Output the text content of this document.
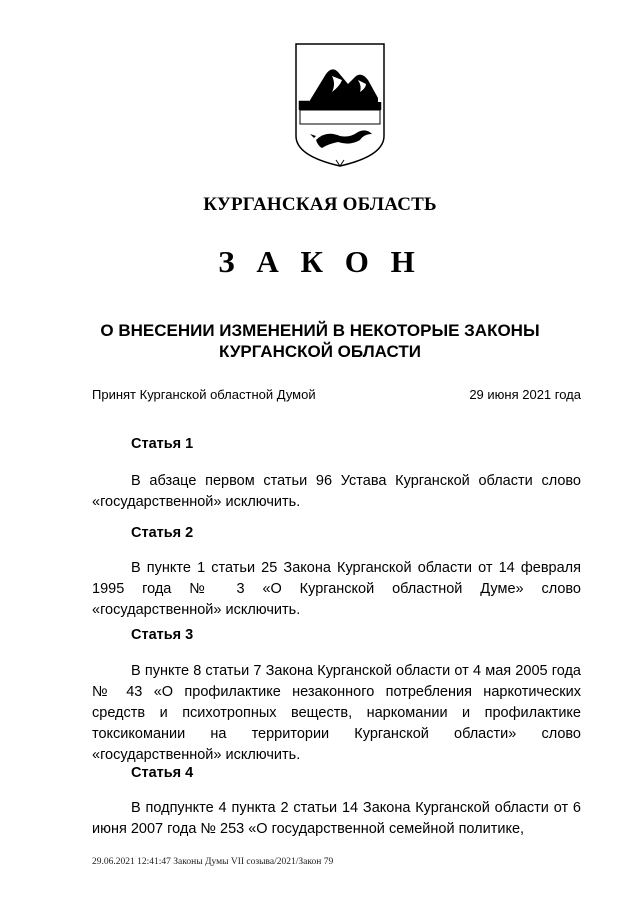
КУРГАНСКАЯ ОБЛАСТЬ
З А К О Н
О ВНЕСЕНИИ ИЗМЕНЕНИЙ В НЕКОТОРЫЕ ЗАКОНЫ
КУРГАНСКОЙ ОБЛАСТИ
Принят Курганской областной Думой	29 июня 2021 года
Статья 1
В абзаце первом статьи 96 Устава Курганской области слово «государственной» исключить.
Статья 2
В пункте 1 статьи 25 Закона Курганской области от 14 февраля 1995 года № 3 «О Курганской областной Думе» слово «государственной» исключить.
Статья 3
В пункте 8 статьи 7 Закона Курганской области от 4 мая 2005 года № 43 «О профилактике незаконного потребления наркотических средств и психотропных веществ, наркомании и профилактике токсикомании на территории Курганской области» слово «государственной» исключить.
Статья 4
В подпункте 4 пункта 2 статьи 14 Закона Курганской области от 6 июня 2007 года № 253 «О государственной семейной политике,
29.06.2021 12:41:47 Законы Думы VII созыва/2021/Закон 79
